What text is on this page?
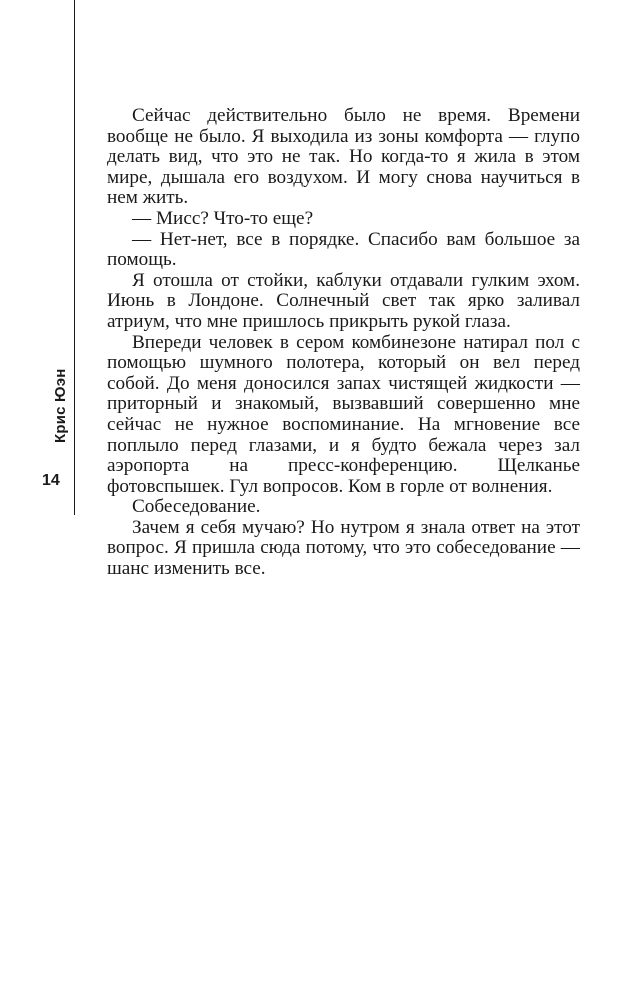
Крис Юэн
14

Сейчас действительно было не время. Времени вообще не было. Я выходила из зоны комфорта — глупо делать вид, что это не так. Но когда-то я жила в этом мире, дышала его воздухом. И могу снова научиться в нем жить.

— Мисс? Что-то еще?

— Нет-нет, все в порядке. Спасибо вам большое за помощь.

Я отошла от стойки, каблуки отдавали гулким эхом. Июнь в Лондоне. Солнечный свет так ярко заливал атриум, что мне пришлось прикрыть рукой глаза.

Впереди человек в сером комбинезоне натирал пол с помощью шумного полотера, который он вел перед собой. До меня доносился запах чистящей жидкости — приторный и знакомый, вызвавший совершенно мне сейчас не нужное воспоминание. На мгновение все поплыло перед глазами, и я будто бежала через зал аэропорта на пресс-конференцию. Щелканье фотовспышек. Гул вопросов. Ком в горле от волнения.

Собеседование.

Зачем я себя мучаю? Но нутром я знала ответ на этот вопрос. Я пришла сюда потому, что это собеседование — шанс изменить все.
